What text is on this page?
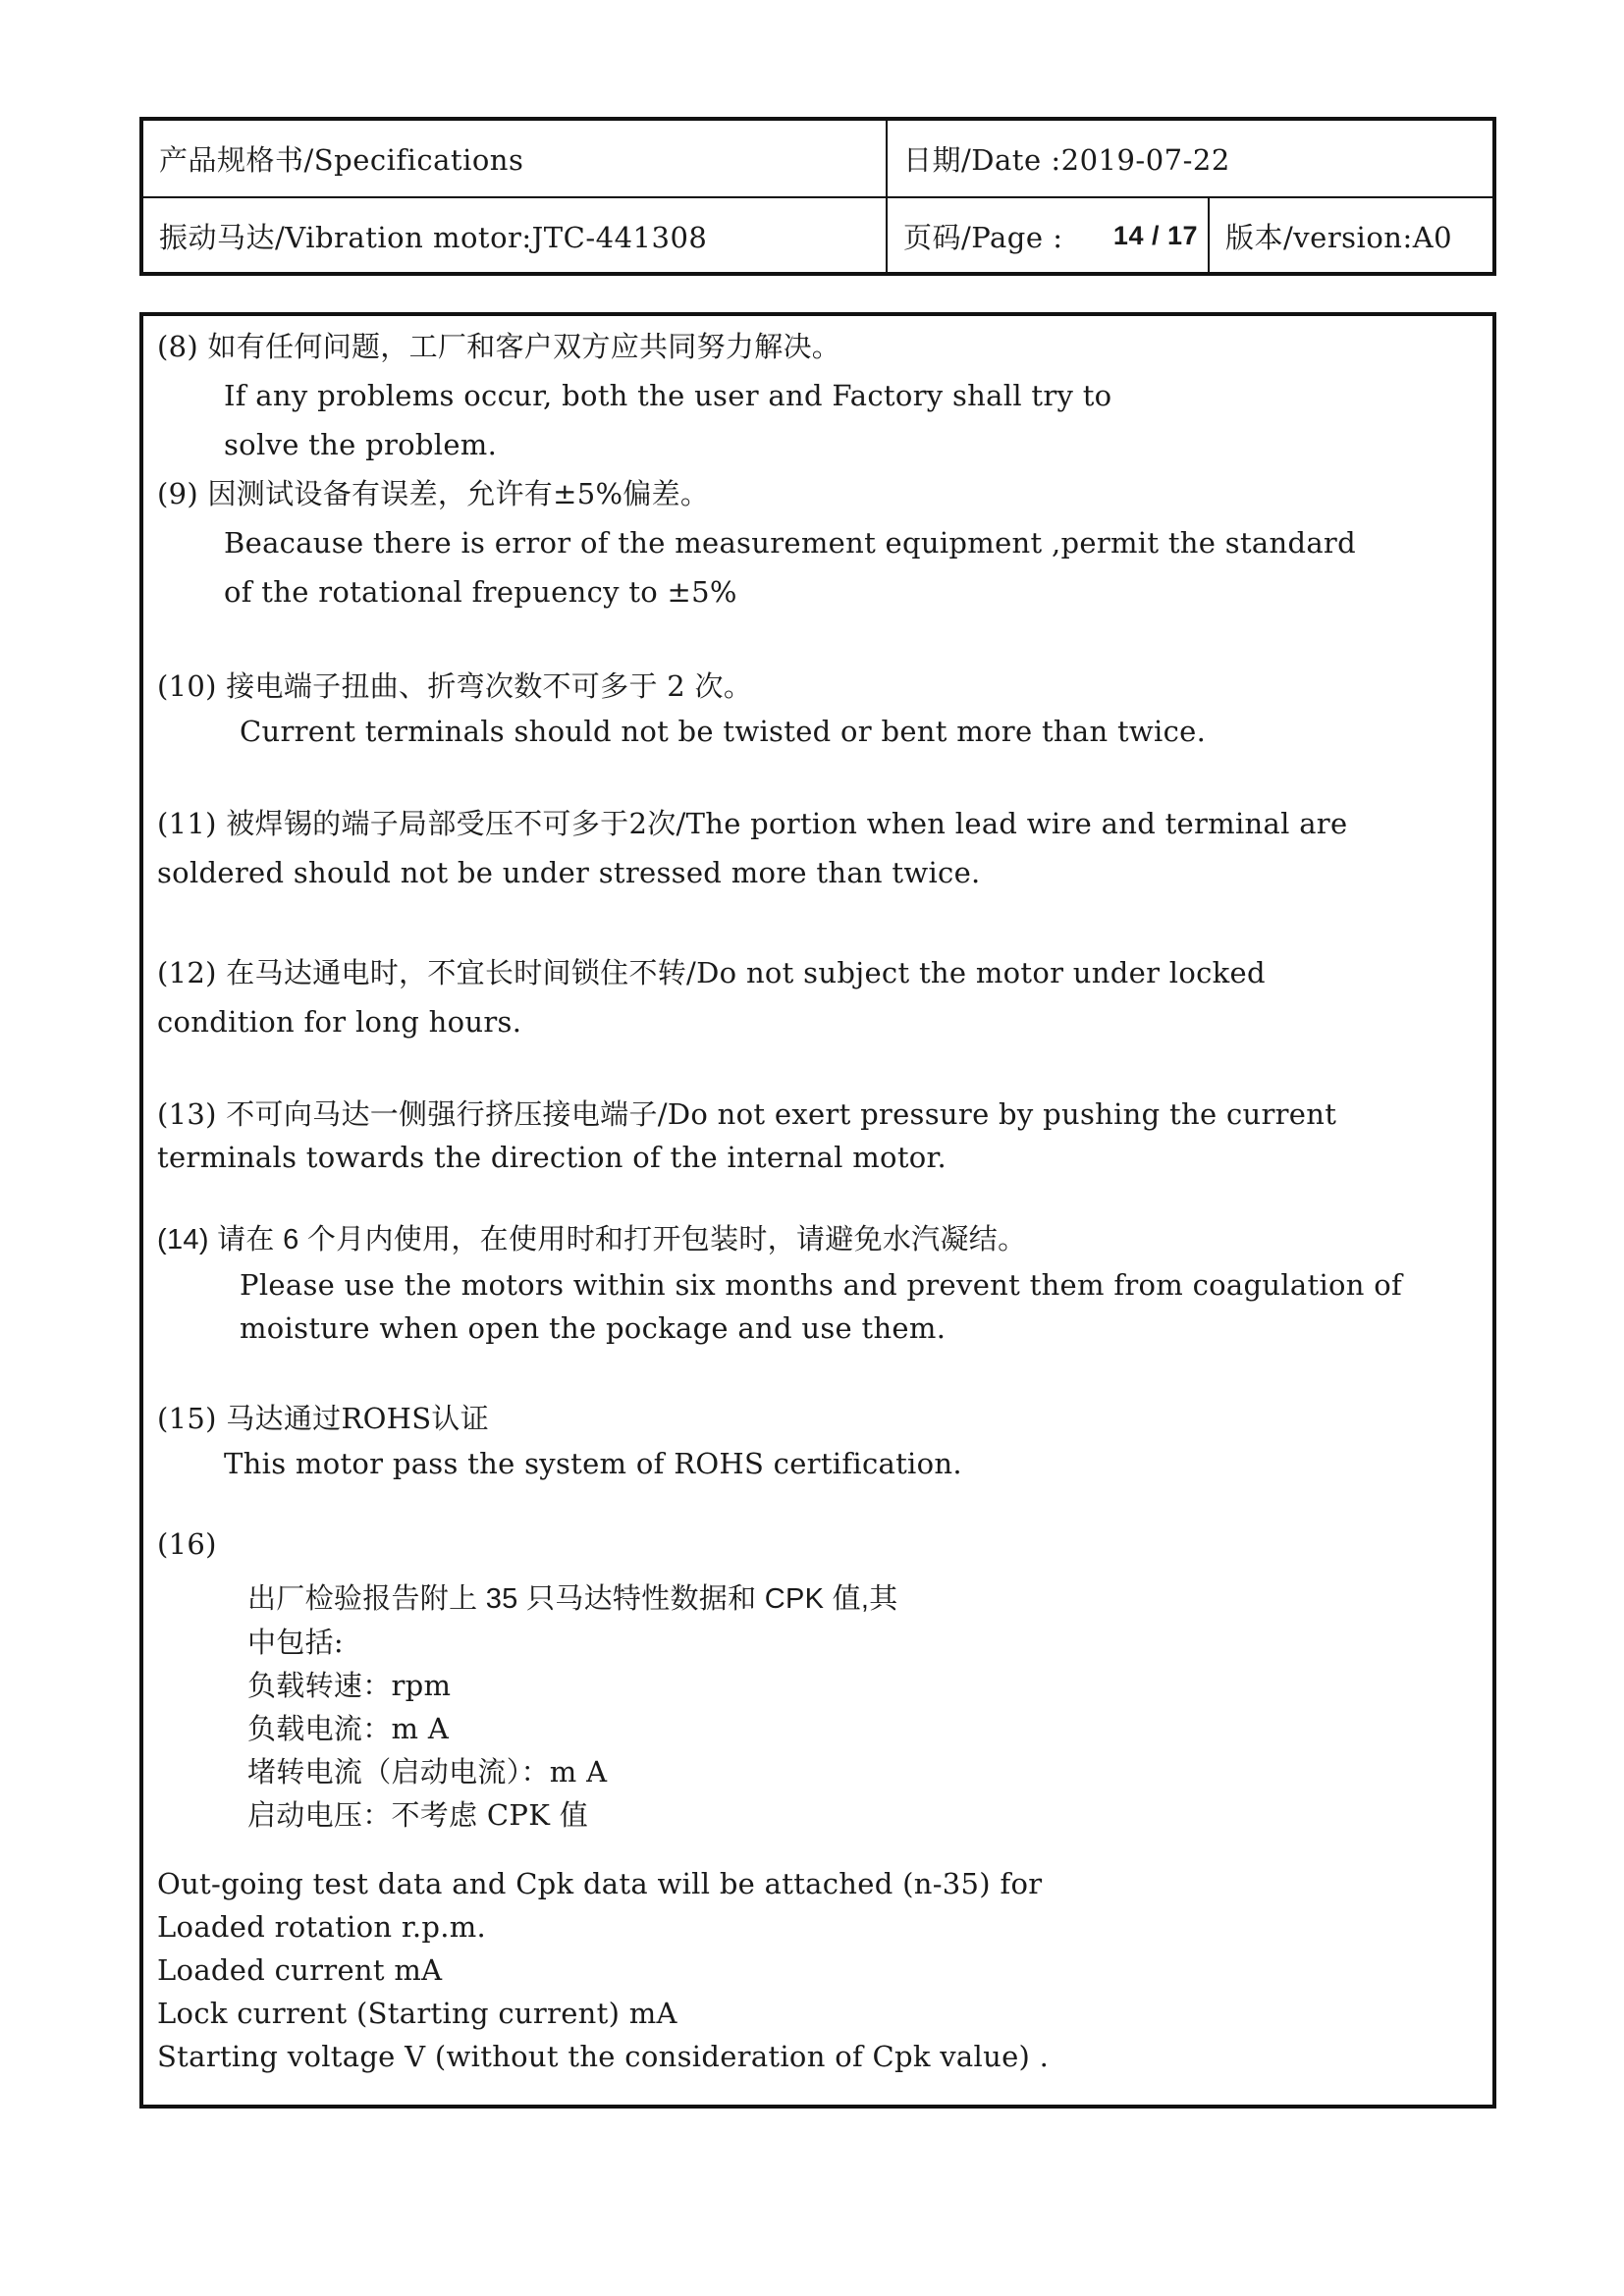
产品规格书/Specifications	日期/Date :2019-07-22
振动马达/Vibration motor:JTC-441308	页码/Page : 14 / 17 版本/version:A0
(8) 如有任何问题，工厂和客户双方应共同努力解决。
If any problems occur, both the user and Factory shall try to
solve the problem.
(9) 因测试设备有误差，允许有±5%偏差。
Beacause there is error of the measurement equipment ,permit the standard
of the rotational frepuency to ±5%
(10) 接电端子扭曲、折弯次数不可多于 2 次。
Current terminals should not be twisted or bent more than twice.
(11) 被焊锡的端子局部受压不可多于2次/The portion when lead wire and terminal are
soldered should not be under stressed more than twice.
(12) 在马达通电时，不宜长时间锁住不转/Do not subject the motor under locked
condition for long hours.
(13) 不可向马达一侧强行挤压接电端子/Do not exert pressure by pushing the current
terminals towards the direction of the internal motor.
(14) 请在 6 个月内使用，在使用时和打开包装时，请避免水汽凝结。
Please use the motors within six months and prevent them from coagulation of
moisture when open the pockage and use them.
(15) 马达通过ROHS认证
This motor pass the system of ROHS certification.
(16)
出厂检验报告附上 35 只马达特性数据和 CPK 值,其
中包括:
负载转速：rpm
负载电流：m A
堵转电流（启动电流）：m A
启动电压：不考虑 CPK 值
Out-going test data and Cpk data will be attached (n-35) for
Loaded rotation r.p.m.
Loaded current mA
Lock current (Starting current) mA
Starting voltage V (without the consideration of Cpk value) .
